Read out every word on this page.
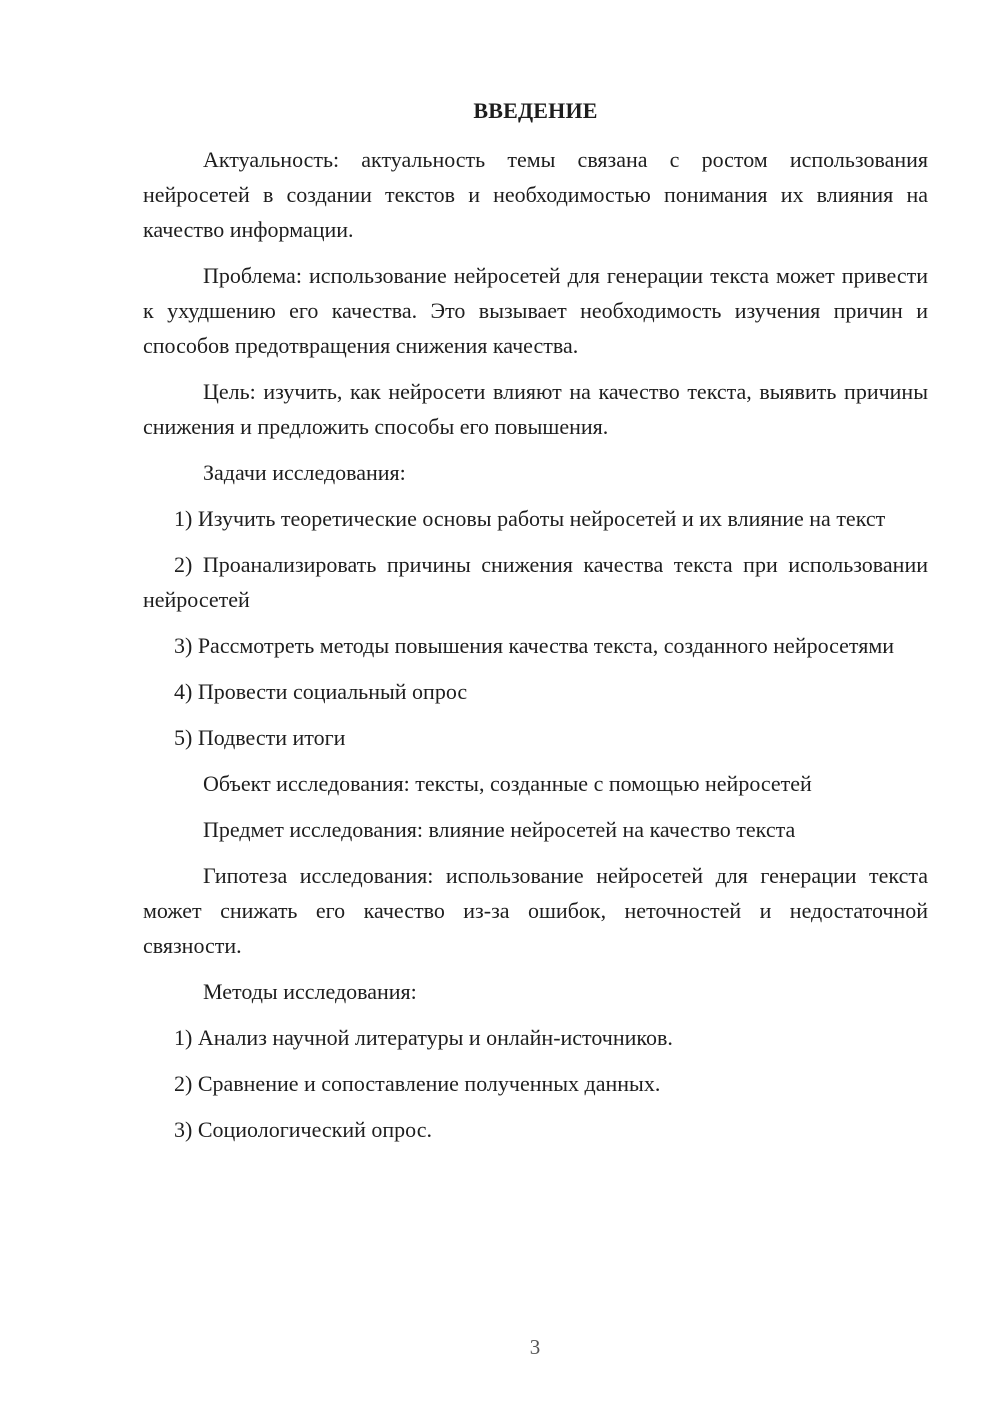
ВВЕДЕНИЕ

Актуальность: актуальность темы связана с ростом использования нейросетей в создании текстов и необходимостью понимания их влияния на качество информации.

Проблема: использование нейросетей для генерации текста может привести к ухудшению его качества. Это вызывает необходимость изучения причин и способов предотвращения снижения качества.

Цель: изучить, как нейросети влияют на качество текста, выявить причины снижения и предложить способы его повышения.

Задачи исследования:

1) Изучить теоретические основы работы нейросетей и их влияние на текст

2) Проанализировать причины снижения качества текста при использовании нейросетей

3) Рассмотреть методы повышения качества текста, созданного нейросетями

4) Провести социальный опрос

5) Подвести итоги

Объект исследования: тексты, созданные с помощью нейросетей

Предмет исследования: влияние нейросетей на качество текста

Гипотеза исследования: использование нейросетей для генерации текста может снижать его качество из-за ошибок, неточностей и недостаточной связности.

Методы исследования:

1) Анализ научной литературы и онлайн-источников.

2) Сравнение и сопоставление полученных данных.

3) Социологический опрос.

3
